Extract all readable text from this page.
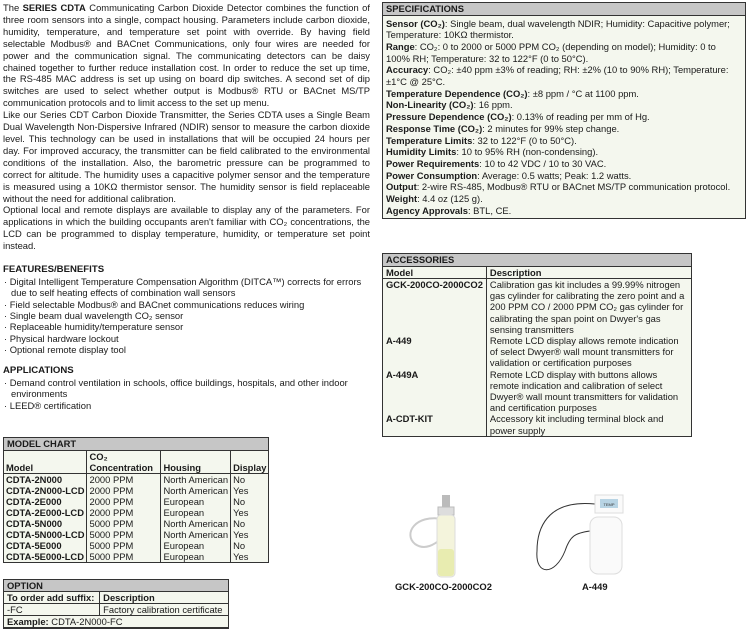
The SERIES CDTA Communicating Carbon Dioxide Detector combines the function of three room sensors into a single, compact housing. Parameters include carbon dioxide, humidity, temperature, and temperature set point with override. By having field selectable Modbus® and BACnet Communications, only four wires are needed for power and the communication signal. The communicating detectors can be daisy chained together to further reduce installation cost. In order to reduce the set up time, the RS-485 MAC address is set up using on board dip switches. A second set of dip switches are used to select whether output is Modbus® RTU or BACnet MS/TP communication protocols and to limit access to the set up menu.

Like our Series CDT Carbon Dioxide Transmitter, the Series CDTA uses a Single Beam Dual Wavelength Non-Dispersive Infrared (NDIR) sensor to measure the carbon dioxide level. This technology can be used in installations that will be occupied 24 hours per day. For improved accuracy, the transmitter can be field calibrated to the environmental conditions of the installation. Also, the barometric pressure can be programmed to correct for altitude. The humidity uses a capacitive polymer sensor and the temperature is measured using a 10KΩ thermistor sensor. The humidity sensor is field replaceable without the need for additional calibration.

Optional local and remote displays are available to display any of the parameters. For applications in which the building occupants aren't familiar with CO₂ concentrations, the LCD can be programmed to display temperature, humidity, or temperature set point instead.

FEATURES/BENEFITS
· Digital Intelligent Temperature Compensation Algorithm (DITCA™) corrects for errors due to self heating effects of combination wall sensors
· Field selectable Modbus® and BACnet communications reduces wiring
· Single beam dual wavelength CO₂ sensor
· Replaceable humidity/temperature sensor
· Physical hardware lockout
· Optional remote display tool
APPLICATIONS
· Demand control ventilation in schools, office buildings, hospitals, and other indoor environments
· LEED® certification
MODEL CHART
Model	CO₂ Concentration	Housing	Display
CDTA-2N000	2000 PPM	North American	No
CDTA-2N000-LCD	2000 PPM	North American	Yes
CDTA-2E000	2000 PPM	European	No
CDTA-2E000-LCD	2000 PPM	European	Yes
CDTA-5N000	5000 PPM	North American	No
CDTA-5N000-LCD	5000 PPM	North American	Yes
CDTA-5E000	5000 PPM	European	No
CDTA-5E000-LCD	5000 PPM	European	Yes
OPTION
To order add suffix:	Description
-FC	Factory calibration certificate
Example: CDTA-2N000-FC	
SPECIFICATIONS
Sensor (CO₂): Single beam, dual wavelength NDIR; Humidity: Capacitive polymer; Temperature: 10KΩ thermistor.
Range: CO₂: 0 to 2000 or 5000 PPM CO₂ (depending on model); Humidity: 0 to 100% RH; Temperature: 32 to 122°F (0 to 50°C).
Accuracy: CO₂: ±40 ppm ±3% of reading; RH: ±2% (10 to 90% RH); Temperature: ±1°C @ 25°C.
Temperature Dependence (CO₂): ±8 ppm / °C at 1100 ppm.
Non-Linearity (CO₂): 16 ppm.
Pressure Dependence (CO₂): 0.13% of reading per mm of Hg.
Response Time (CO₂): 2 minutes for 99% step change.
Temperature Limits: 32 to 122°F (0 to 50°C).
Humidity Limits: 10 to 95% RH (non-condensing).
Power Requirements: 10 to 42 VDC / 10 to 30 VAC.
Power Consumption: Average: 0.5 watts; Peak: 1.2 watts.
Output: 2-wire RS-485, Modbus® RTU or BACnet MS/TP communication protocol.
Weight: 4.4 oz (125 g).
Agency Approvals: BTL, CE.
ACCESSORIES
Model	Description
GCK-200CO-2000CO2	Calibration gas kit includes a 99.99% nitrogen gas cylinder for calibrating the zero point and a 200 PPM CO / 2000 PPM CO₂ gas cylinder for calibrating the span point on Dwyer's gas sensing transmitters
A-449	Remote LCD display allows remote indication of select Dwyer® wall mount transmitters for validation or certification purposes
A-449A	Remote LCD display with buttons allows remote indication and calibration of select Dwyer® wall mount transmitters for validation and certification purposes
A-CDT-KIT	Accessory kit including terminal block and power supply
TEMP
GCK-200CO-2000CO2	A-449
